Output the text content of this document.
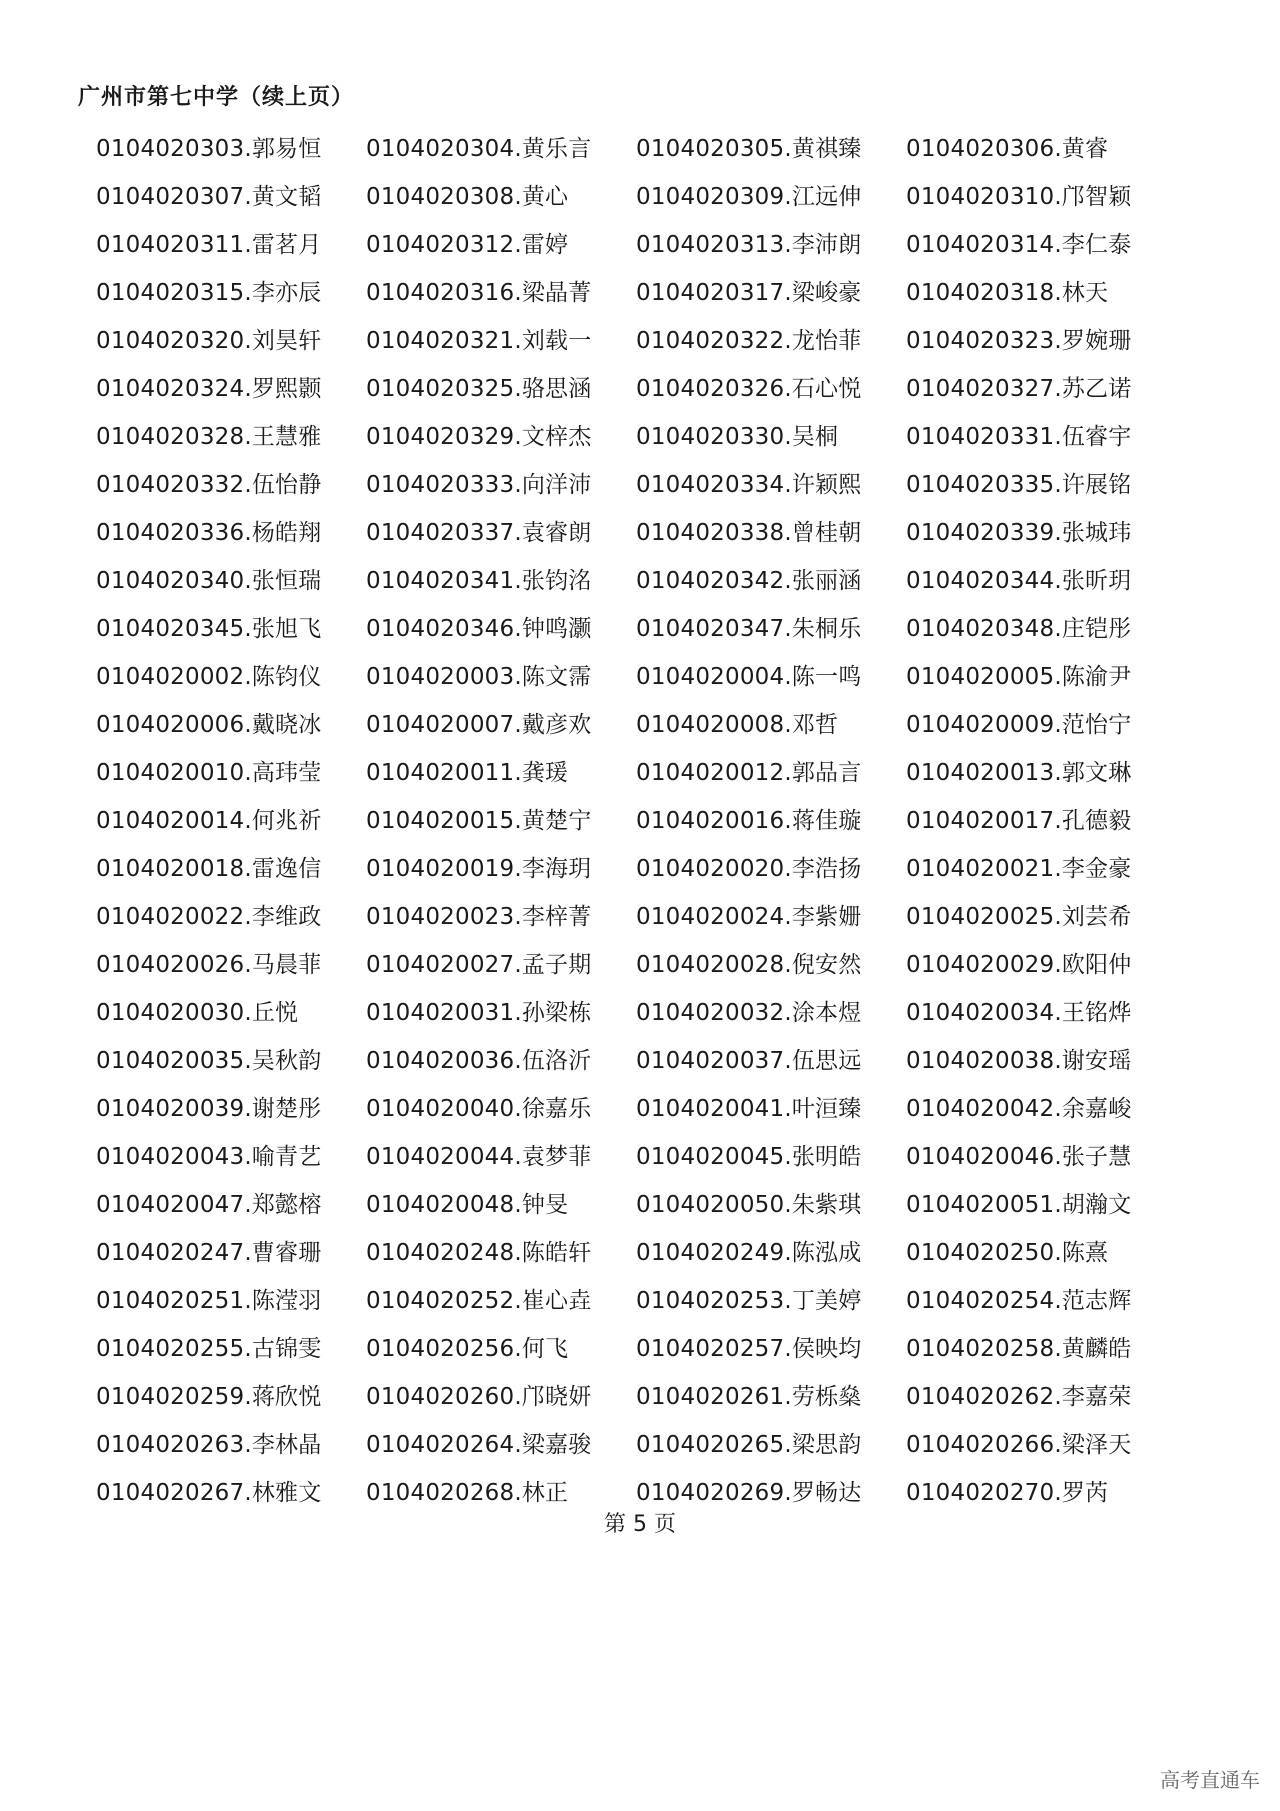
广州市第七中学（续上页）
0104020303.郭易恒	0104020304.黄乐言	0104020305.黄祺臻	0104020306.黄睿
0104020307.黄文韬	0104020308.黄心	0104020309.江远伸	0104020310.邝智颖
0104020311.雷茗月	0104020312.雷婷	0104020313.李沛朗	0104020314.李仁泰
0104020315.李亦辰	0104020316.梁晶菁	0104020317.梁峻豪	0104020318.林天
0104020320.刘昊轩	0104020321.刘载一	0104020322.龙怡菲	0104020323.罗婉珊
0104020324.罗熙颢	0104020325.骆思涵	0104020326.石心悦	0104020327.苏乙诺
0104020328.王慧雅	0104020329.文梓杰	0104020330.吴桐	0104020331.伍睿宇
0104020332.伍怡静	0104020333.向洋沛	0104020334.许颖熙	0104020335.许展铭
0104020336.杨皓翔	0104020337.袁睿朗	0104020338.曾桂朝	0104020339.张城玮
0104020340.张恒瑞	0104020341.张钧洺	0104020342.张丽涵	0104020344.张昕玥
0104020345.张旭飞	0104020346.钟鸣灏	0104020347.朱桐乐	0104020348.庄铠彤
0104020002.陈钧仪	0104020003.陈文霈	0104020004.陈一鸣	0104020005.陈渝尹
0104020006.戴晓冰	0104020007.戴彦欢	0104020008.邓哲	0104020009.范怡宁
0104020010.高玮莹	0104020011.龚瑗	0104020012.郭品言	0104020013.郭文琳
0104020014.何兆祈	0104020015.黄楚宁	0104020016.蒋佳璇	0104020017.孔德毅
0104020018.雷逸信	0104020019.李海玥	0104020020.李浩扬	0104020021.李金豪
0104020022.李维政	0104020023.李梓菁	0104020024.李紫姗	0104020025.刘芸希
0104020026.马晨菲	0104020027.孟子期	0104020028.倪安然	0104020029.欧阳仲
0104020030.丘悦	0104020031.孙梁栋	0104020032.涂本煜	0104020034.王铭烨
0104020035.吴秋韵	0104020036.伍洛沂	0104020037.伍思远	0104020038.谢安瑶
0104020039.谢楚彤	0104020040.徐嘉乐	0104020041.叶洹臻	0104020042.余嘉峻
0104020043.喻青艺	0104020044.袁梦菲	0104020045.张明皓	0104020046.张子慧
0104020047.郑懿榕	0104020048.钟旻	0104020050.朱紫琪	0104020051.胡瀚文
0104020247.曹睿珊	0104020248.陈皓轩	0104020249.陈泓成	0104020250.陈熹
0104020251.陈滢羽	0104020252.崔心垚	0104020253.丁美婷	0104020254.范志辉
0104020255.古锦雯	0104020256.何飞	0104020257.侯映均	0104020258.黄麟皓
0104020259.蒋欣悦	0104020260.邝晓妍	0104020261.劳栎燊	0104020262.李嘉荣
0104020263.李林晶	0104020264.梁嘉骏	0104020265.梁思韵	0104020266.梁泽天
0104020267.林雅文	0104020268.林正	0104020269.罗畅达	0104020270.罗芮
第 5 页
高考直通车
